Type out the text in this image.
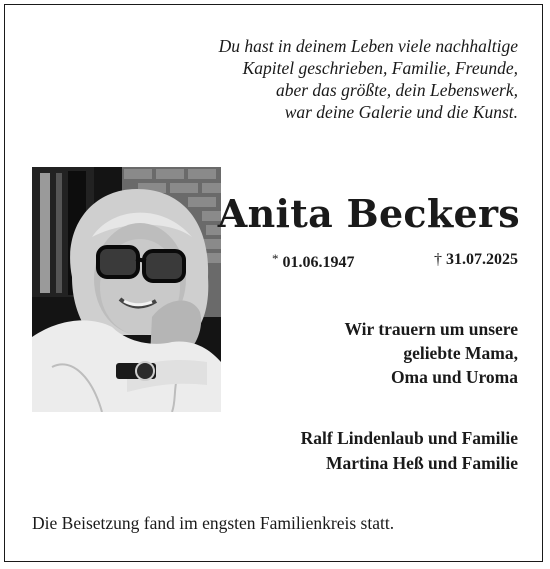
Du hast in deinem Leben viele nachhaltige
Kapitel geschrieben, Familie, Freunde,
aber das größte, dein Lebenswerk,
war deine Galerie und die Kunst.
Anita Beckers
* 01.06.1947	† 31.07.2025
Wir trauern um unsere
geliebte Mama,
Oma und Uroma
Ralf Lindenlaub und Familie
Martina Heß und Familie
Die Beisetzung fand im engsten Familienkreis statt.
